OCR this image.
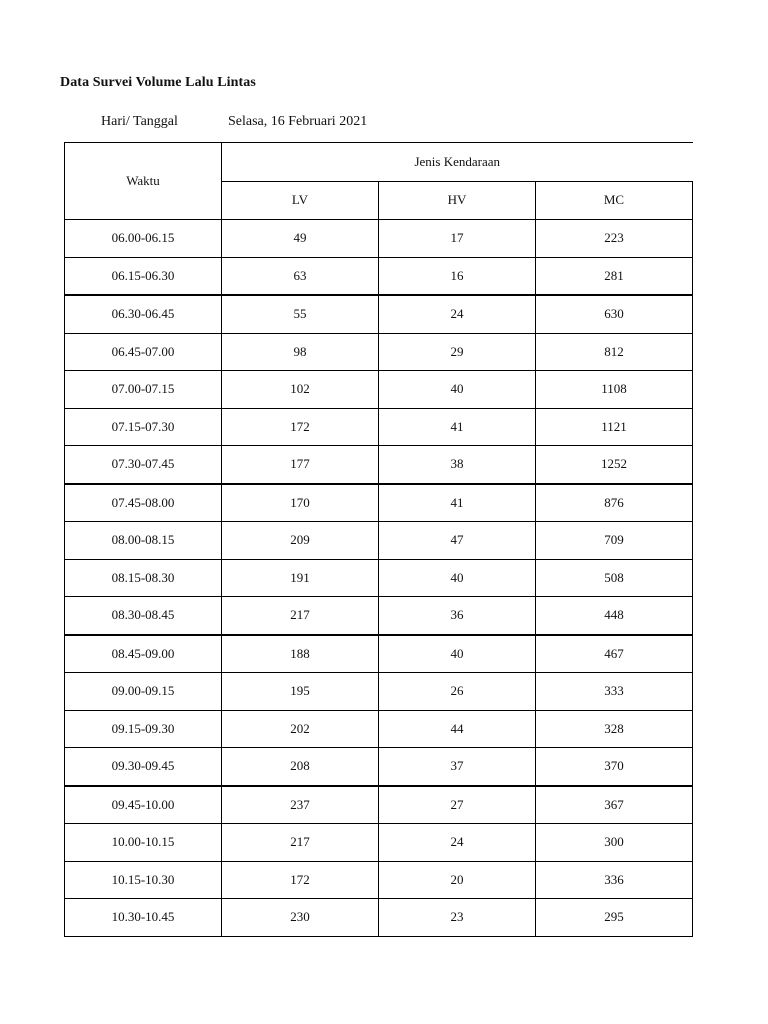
Data Survei Volume Lalu Lintas
Hari/ Tanggal	Selasa, 16 Februari 2021
Waktu	Jenis Kendaraan		
	LV	HV	MC
06.00-06.15	49	17	223
06.15-06.30	63	16	281
06.30-06.45	55	24	630
06.45-07.00	98	29	812
07.00-07.15	102	40	1108
07.15-07.30	172	41	1121
07.30-07.45	177	38	1252
07.45-08.00	170	41	876
08.00-08.15	209	47	709
08.15-08.30	191	40	508
08.30-08.45	217	36	448
08.45-09.00	188	40	467
09.00-09.15	195	26	333
09.15-09.30	202	44	328
09.30-09.45	208	37	370
09.45-10.00	237	27	367
10.00-10.15	217	24	300
10.15-10.30	172	20	336
10.30-10.45	230	23	295
